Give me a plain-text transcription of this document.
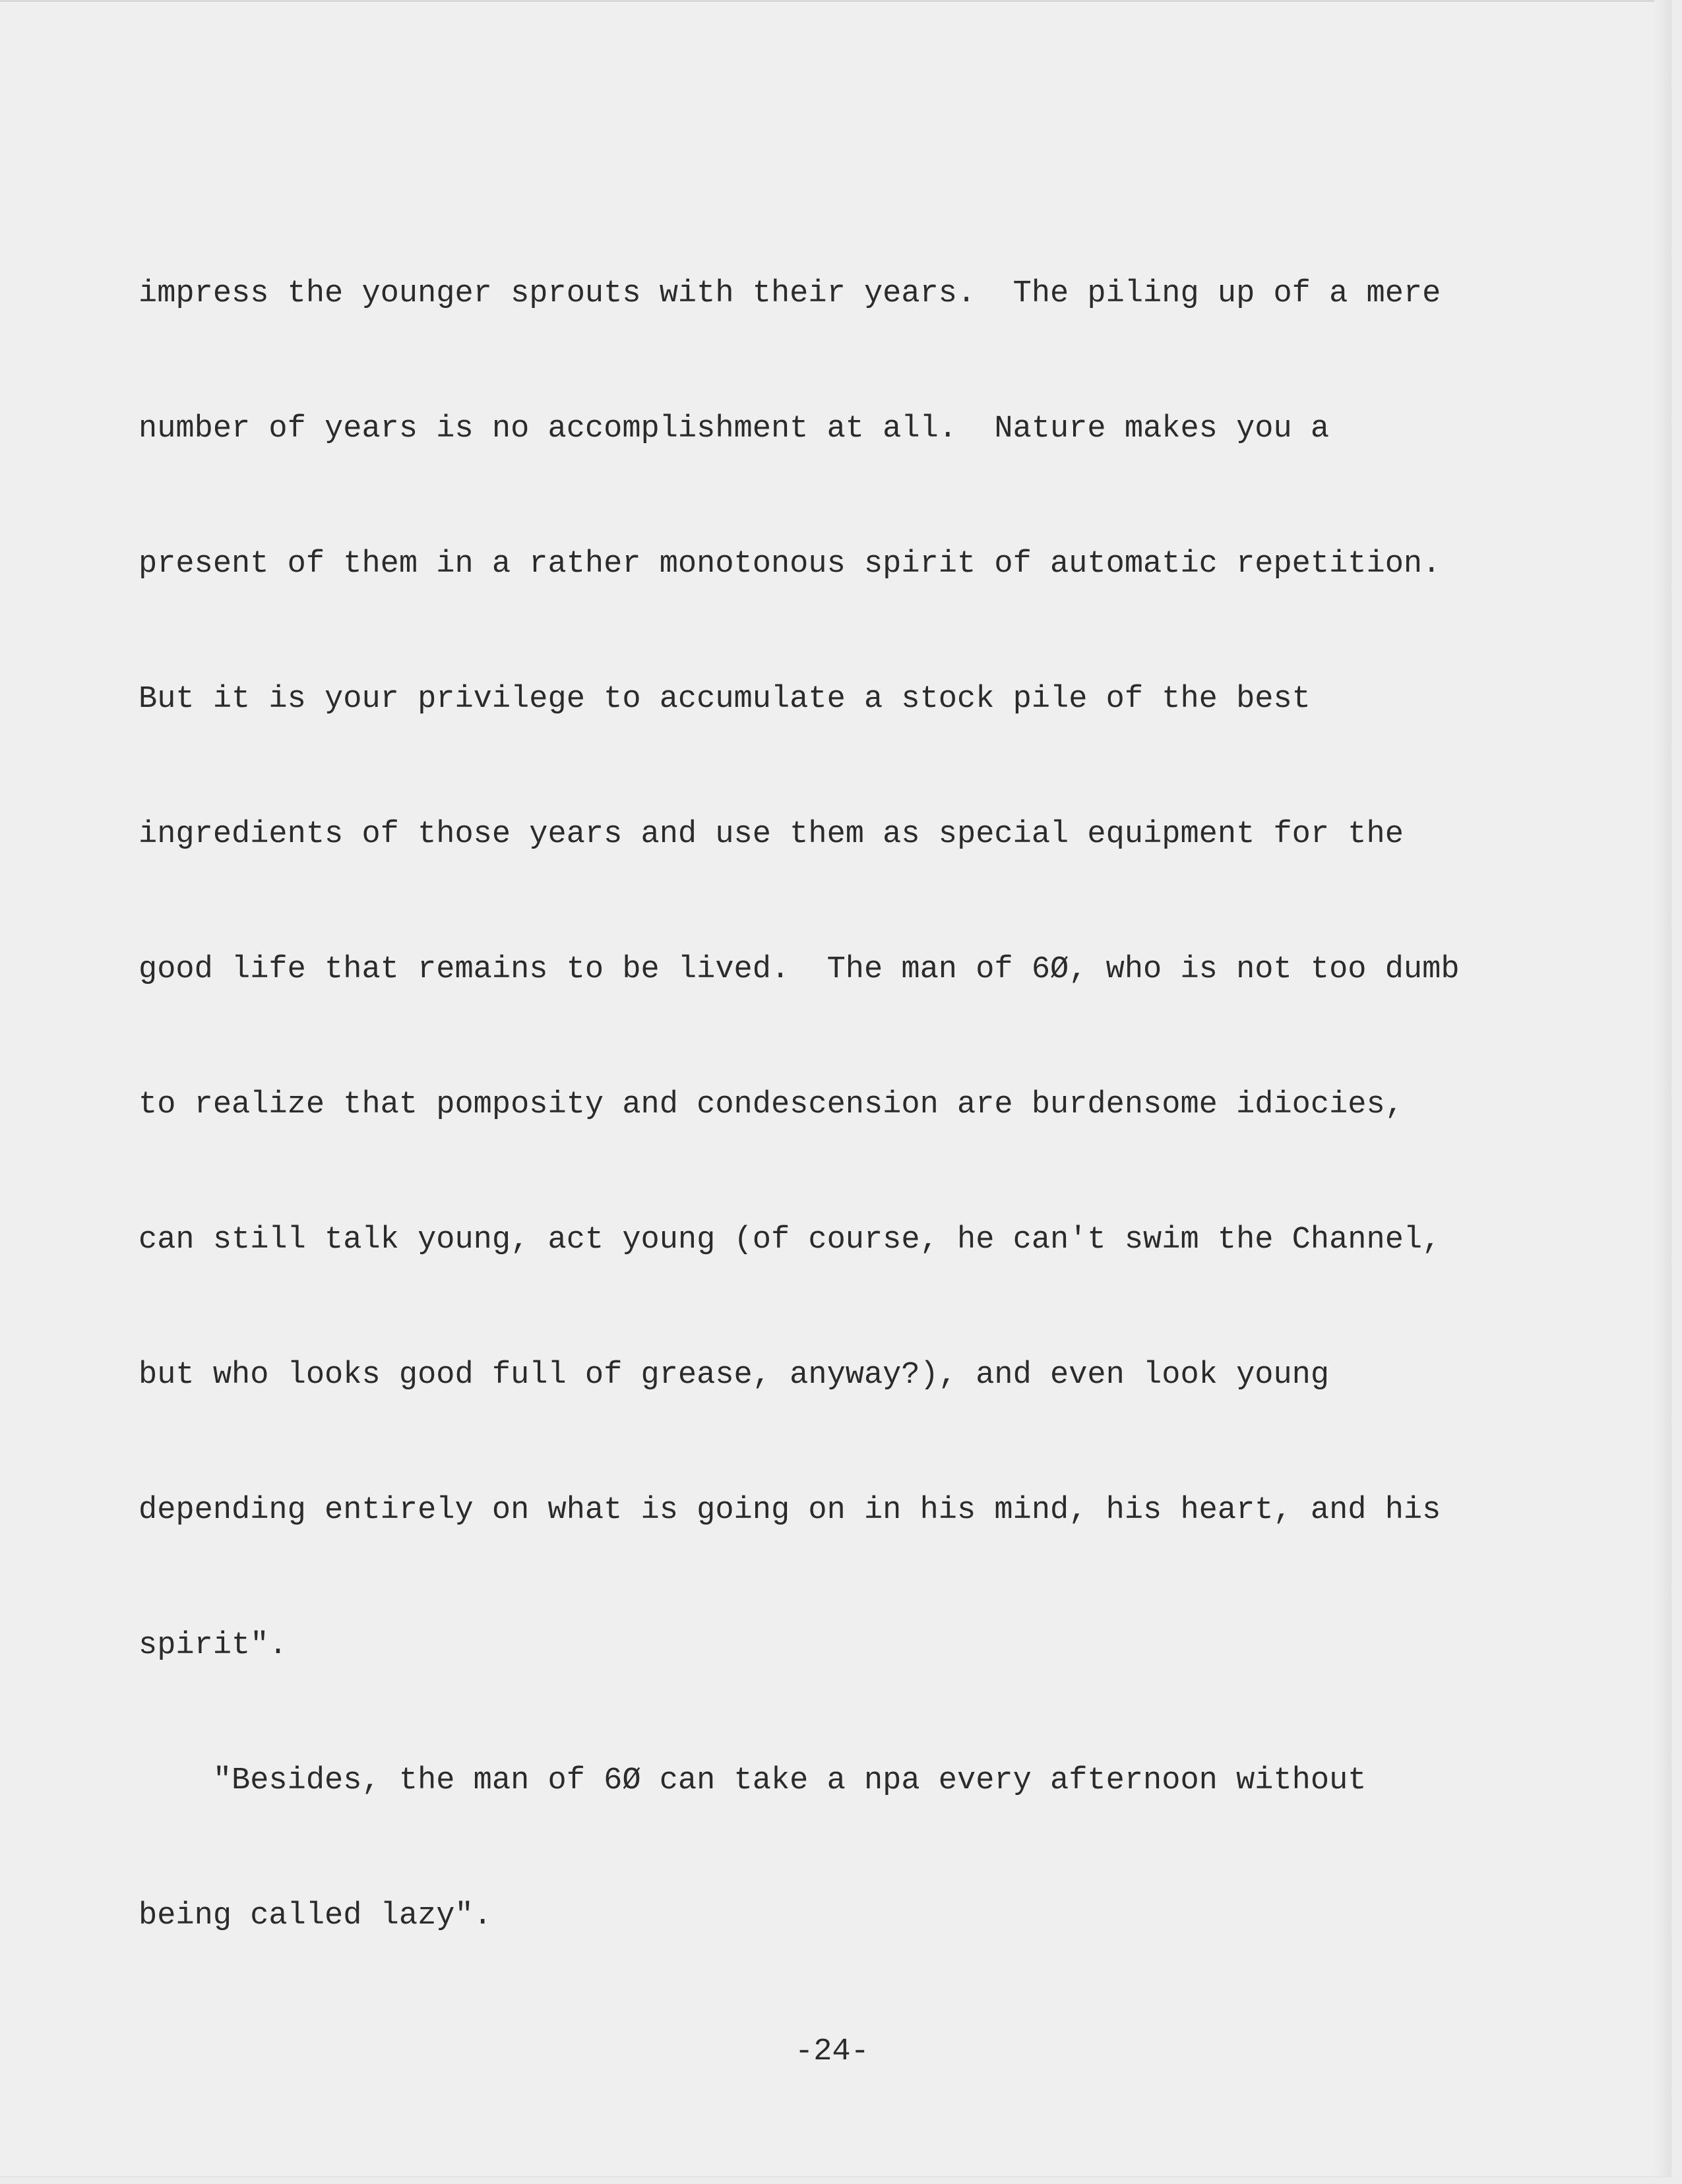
impress the younger sprouts with their years.  The piling up of a mere

number of years is no accomplishment at all.  Nature makes you a

present of them in a rather monotonous spirit of automatic repetition.

But it is your privilege to accumulate a stock pile of the best

ingredients of those years and use them as special equipment for the

good life that remains to be lived.  The man of 6Ø, who is not too dumb

to realize that pomposity and condescension are burdensome idiocies,

can still talk young, act young (of course, he can't swim the Channel,

but who looks good full of grease, anyway?), and even look young

depending entirely on what is going on in his mind, his heart, and his

spirit".

"Besides, the man of 6Ø can take a npa every afternoon without

being called lazy".

-24-
